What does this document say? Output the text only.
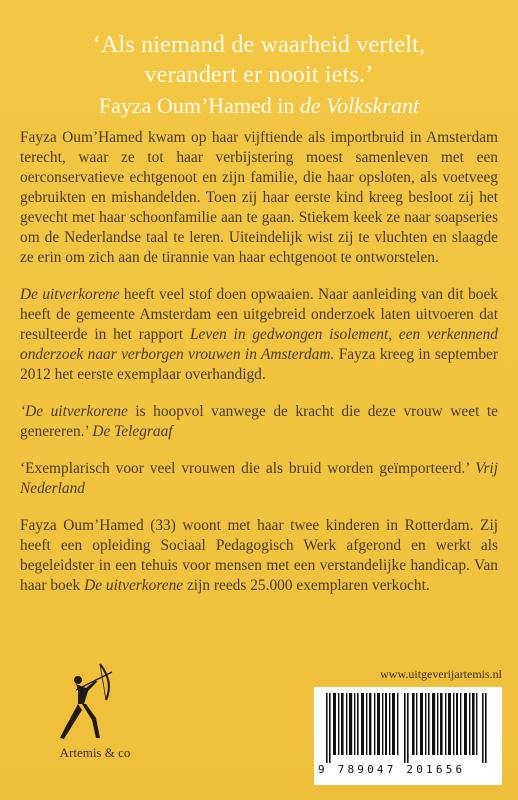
‘Als niemand de waarheid vertelt,
verandert er nooit iets.’
Fayza Oum’Hamed in de Volkskrant

Fayza Oum’Hamed kwam op haar vijftiende als importbruid in Amsterdam terecht, waar ze tot haar verbijstering moest samenleven met een oerconservatieve echtgenoot en zijn familie, die haar opsloten, als voetveeg gebruikten en mishandelden. Toen zij haar eerste kind kreeg besloot zij het gevecht met haar schoonfamilie aan te gaan. Stiekem keek ze naar soapseries om de Nederlandse taal te leren. Uiteindelijk wist zij te vluchten en slaagde ze erin om zich aan de tirannie van haar echtgenoot te ontworstelen.

De uitverkorene heeft veel stof doen opwaaien. Naar aanleiding van dit boek heeft de gemeente Amsterdam een uitgebreid onderzoek laten uitvoeren dat resulteerde in het rapport Leven in gedwongen isolement, een verkennend onderzoek naar verborgen vrouwen in Amsterdam. Fayza kreeg in september 2012 het eerste exemplaar overhandigd.

‘De uitverkorene is hoopvol vanwege de kracht die deze vrouw weet te genereren.’ De Telegraaf

‘Exemplarisch voor veel vrouwen die als bruid worden geïmporteerd.’ Vrij Nederland

Fayza Oum’Hamed (33) woont met haar twee kinderen in Rotterdam. Zij heeft een opleiding Sociaal Pedagogisch Werk afgerond en werkt als begeleidster in een tehuis voor mensen met een verstandelijke handicap. Van haar boek De uitverkorene zijn reeds 25.000 exemplaren verkocht.

Artemis & co
www.uitgeverijartemis.nl
9 789047 201656
